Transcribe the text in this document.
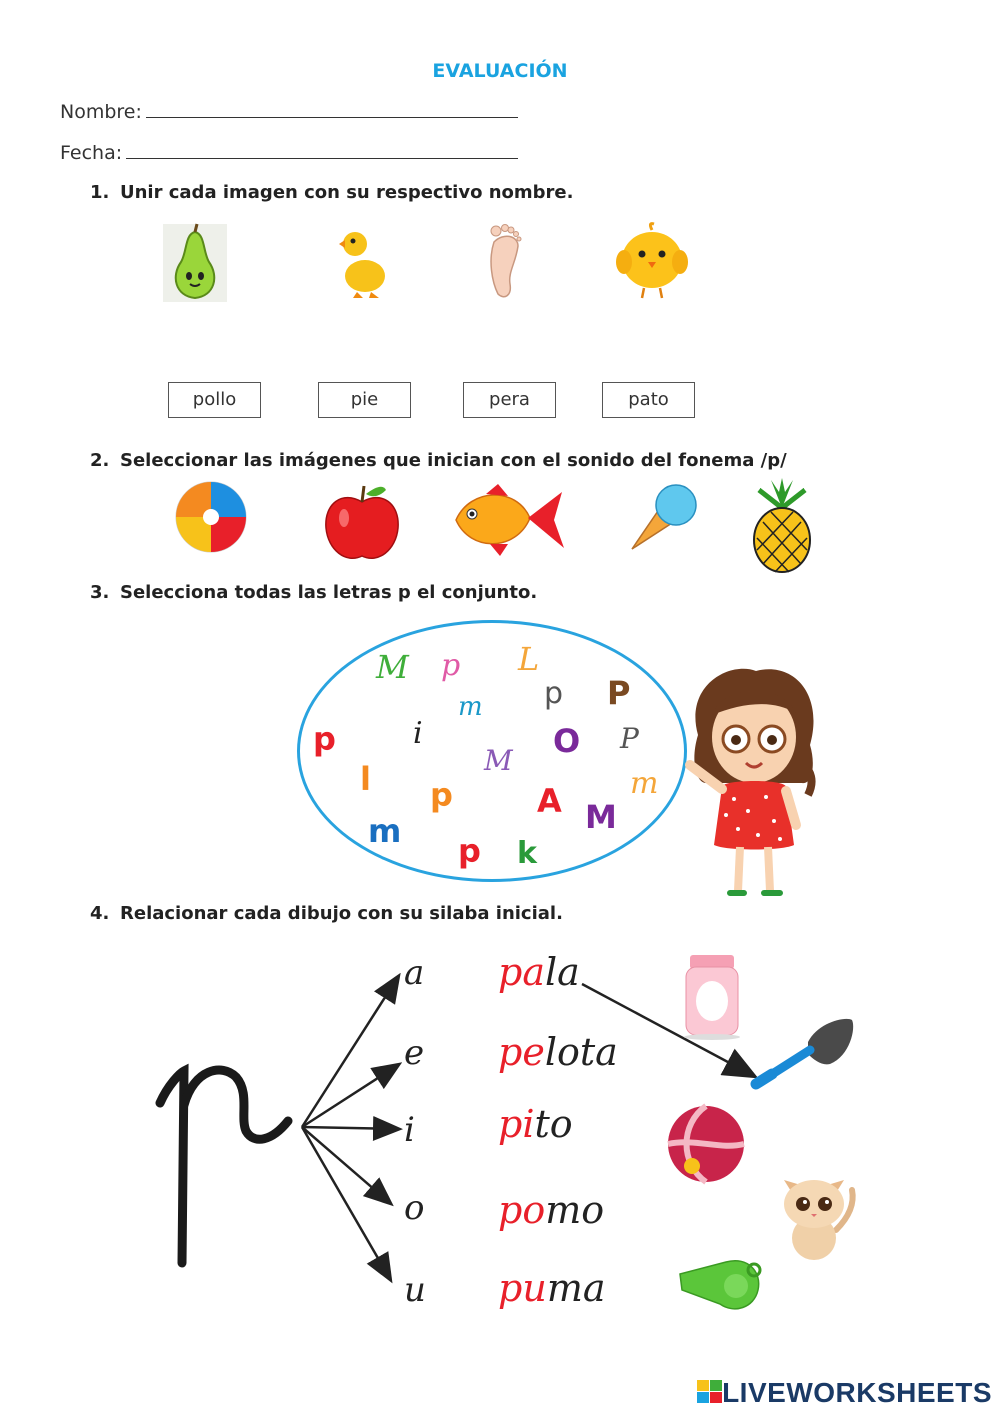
EVALUACIÓN
Nombre:
Fecha:
1. Unir cada imagen con su respectivo nombre.
pollo	pie	pera	pato
2. Seleccionar las imágenes que inician con el sonido del fonema /p/
3. Selecciona todas las letras p el conjunto.
M p L
p P
m
p	i	O P
M
l p	m
A M
m
p k
4. Relacionar cada dibujo con su silaba inicial.
a
e
i
o
u
pala
pelota
pito
pomo
puma
LIVEWORKSHEETS
